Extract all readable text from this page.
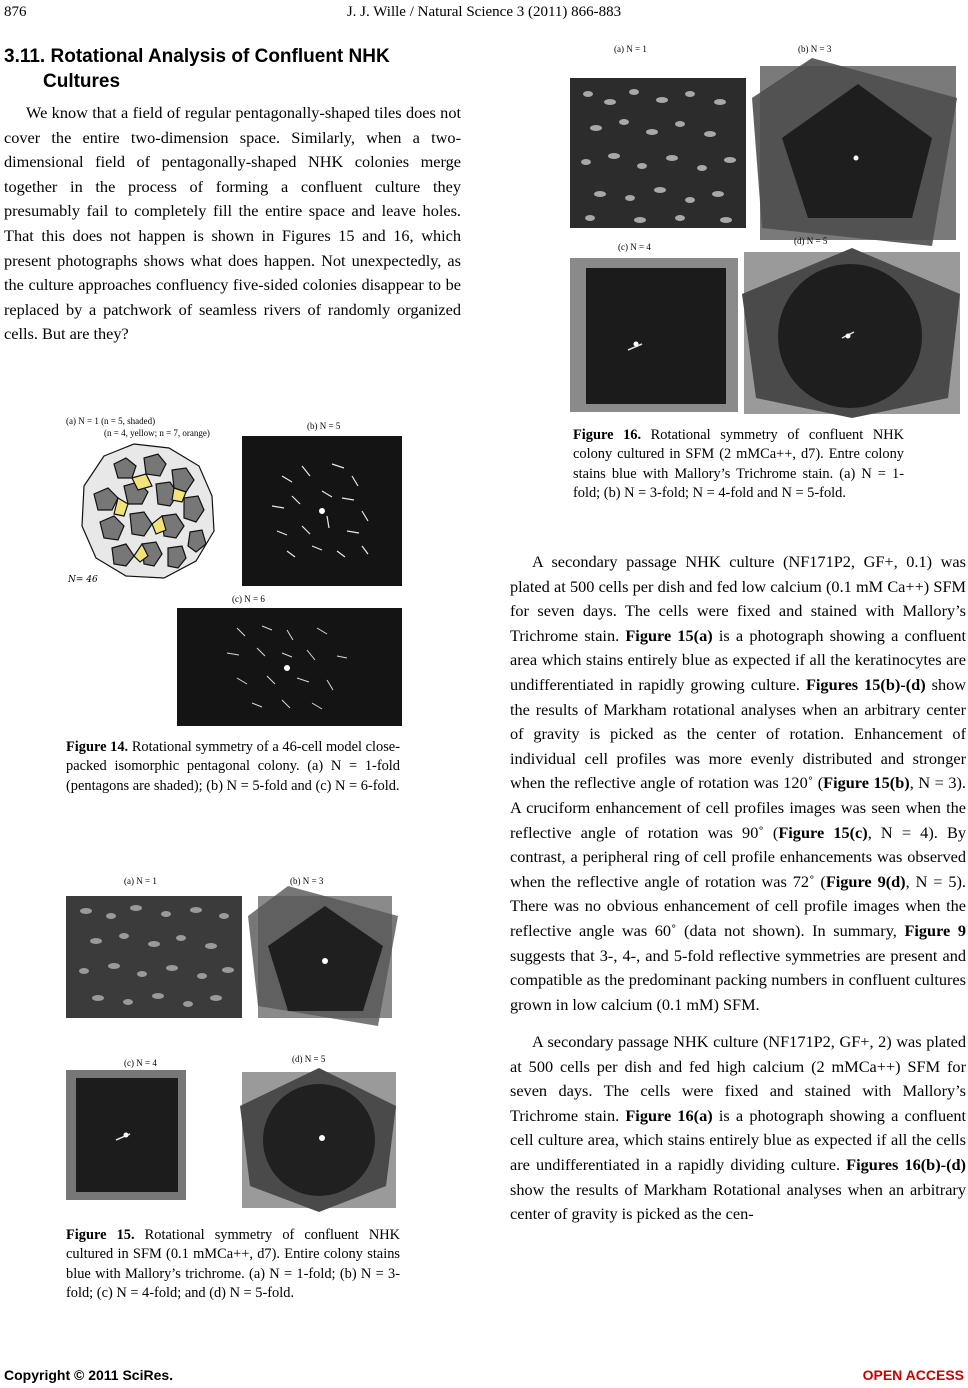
876	J. J. Wille / Natural Science 3 (2011) 866-883
3.11. Rotational Analysis of Confluent NHK
Cultures
We know that a field of regular pentagonally-shaped tiles does not cover the entire two-dimension space. Similarly, when a two-dimensional field of pentagonally-shaped NHK colonies merge together in the process of forming a confluent culture they presumably fail to completely fill the entire space and leave holes. That this does not happen is shown in Figures 15 and 16, which present photographs shows what does happen. Not unexpectedly, as the culture approaches confluency five-sided colonies disappear to be replaced by a patchwork of seamless rivers of randomly organized cells. But are they?
(a) N = 1 (n = 5, shaded)
(n = 4, yellow; n = 7, orange)
(b) N = 5
N= 46
(c) N = 6
Figure 14. Rotational symmetry of a 46-cell model close-packed isomorphic pentagonal colony. (a) N = 1-fold (pentagons are shaded); (b) N = 5-fold and (c) N = 6-fold.
(a) N = 1	(b) N = 3
(c) N = 4	(d) N = 5
Figure 15. Rotational symmetry of confluent NHK cultured in SFM (0.1 mMCa++, d7). Entire colony stains blue with Mallory’s trichrome. (a) N = 1-fold; (b) N = 3-fold; (c) N = 4-fold; and (d) N = 5-fold.
(a) N = 1	(b) N = 3
(c) N = 4
(d) N = 5
Figure 16. Rotational symmetry of confluent NHK colony cultured in SFM (2 mMCa++, d7). Entre colony stains blue with Mallory’s Trichrome stain. (a) N = 1-fold; (b) N = 3-fold; N = 4-fold and N = 5-fold.
A secondary passage NHK culture (NF171P2, GF+, 0.1) was plated at 500 cells per dish and fed low calcium (0.1 mM Ca++) SFM for seven days. The cells were fixed and stained with Mallory’s Trichrome stain. Figure 15(a) is a photograph showing a confluent area which stains entirely blue as expected if all the keratinocytes are undifferentiated in rapidly growing culture. Figures 15(b)-(d) show the results of Markham rotational analyses when an arbitrary center of gravity is picked as the center of rotation. Enhancement of individual cell profiles was more evenly distributed and stronger when the reflective angle of rotation was 120˚ (Figure 15(b), N = 3). A cruciform enhancement of cell profiles images was seen when the reflective angle of rotation was 90˚ (Figure 15(c), N = 4). By contrast, a peripheral ring of cell profile enhancements was observed when the reflective angle of rotation was 72˚ (Figure 9(d), N = 5). There was no obvious enhancement of cell profile images when the reflective angle was 60˚ (data not shown). In summary, Figure 9 suggests that 3-, 4-, and 5-fold reflective symmetries are present and compatible as the predominant packing numbers in confluent cultures grown in low calcium (0.1 mM) SFM.
A secondary passage NHK culture (NF171P2, GF+, 2) was plated at 500 cells per dish and fed high calcium (2 mMCa++) SFM for seven days. The cells were fixed and stained with Mallory’s Trichrome stain. Figure 16(a) is a photograph showing a confluent cell culture area, which stains entirely blue as expected if all the cells are undifferentiated in a rapidly dividing culture. Figures 16(b)-(d) show the results of Markham Rotational analyses when an arbitrary center of gravity is picked as the cen-
Copyright © 2011 SciRes.	OPEN ACCESS
